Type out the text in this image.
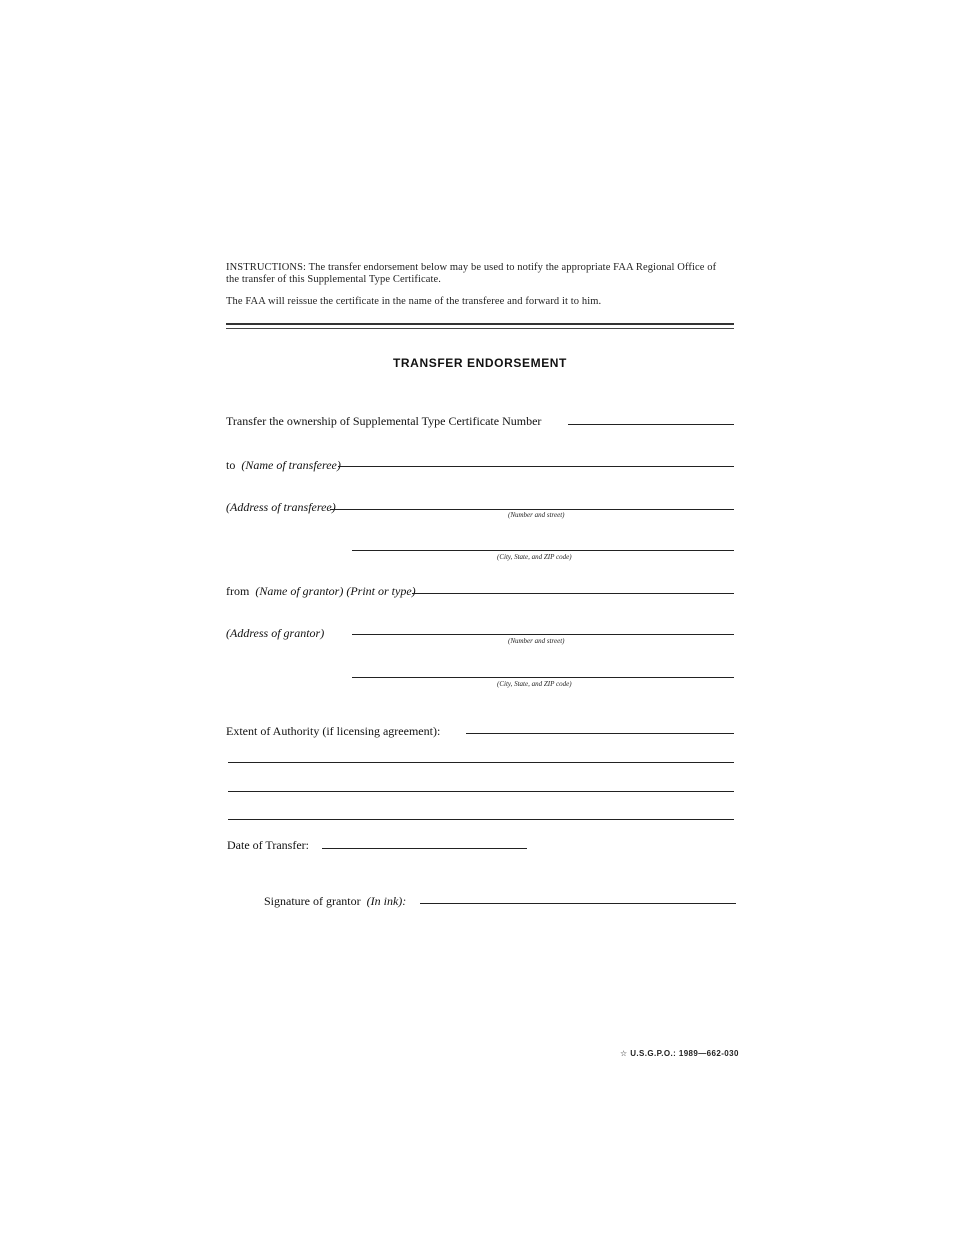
INSTRUCTIONS: The transfer endorsement below may be used to notify the appropriate FAA Regional Office of
the transfer of this Supplemental Type Certificate.
The FAA will reissue the certificate in the name of the transferee and forward it to him.
TRANSFER ENDORSEMENT
Transfer the ownership of Supplemental Type Certificate Number
to (Name of transferee)
(Address of transferee)
(Number and street)
(City, State, and ZIP code)
from (Name of grantor) (Print or type)
(Address of grantor)
(Number and street)
(City, State, and ZIP code)
Extent of Authority (if licensing agreement):
Date of Transfer:
Signature of grantor (In ink):
☆ U.S.G.P.O.: 1989—662-030
